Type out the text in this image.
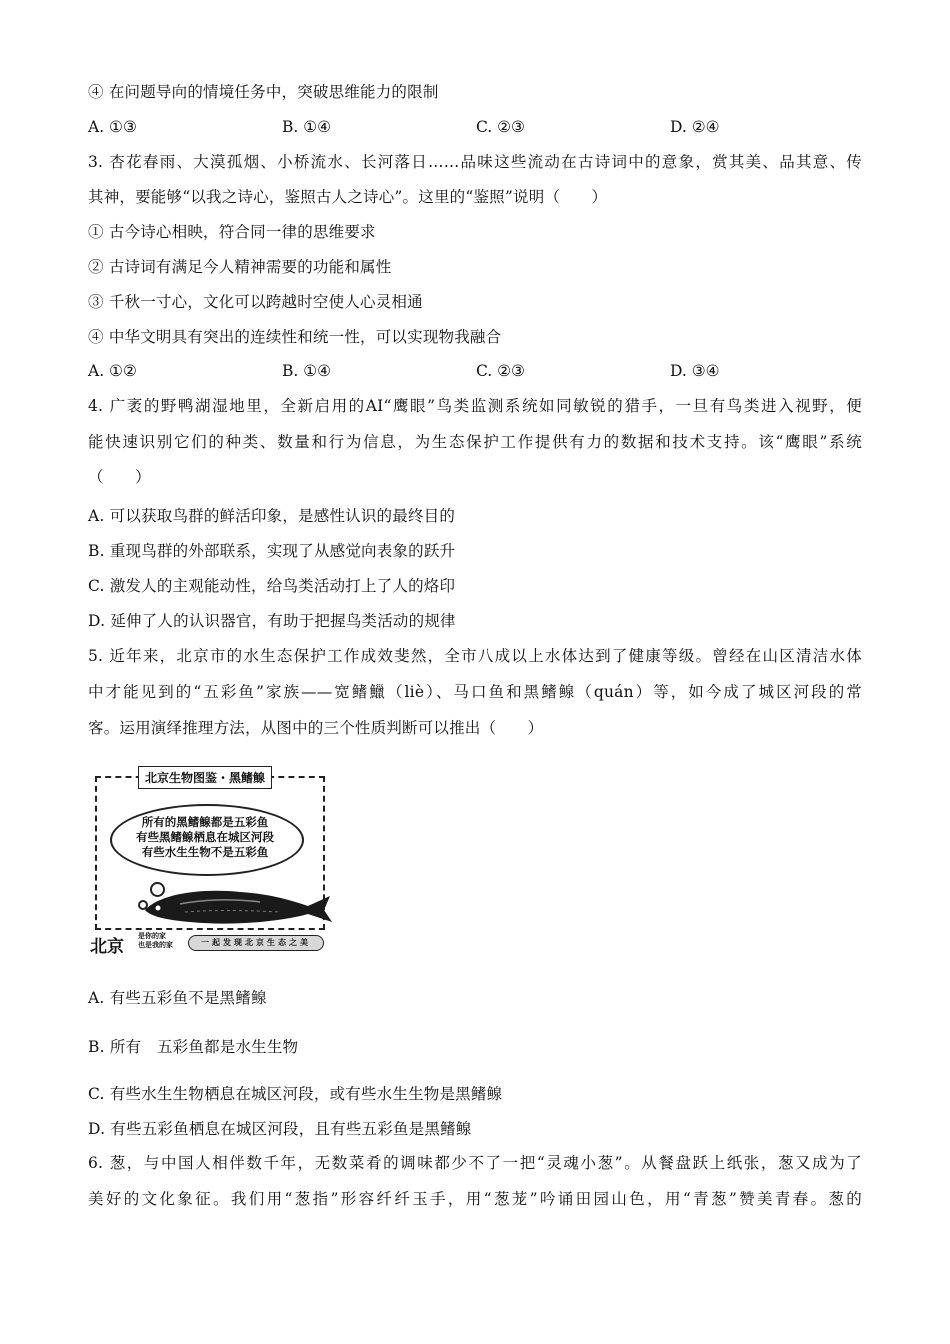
④ 在问题导向的情境任务中，突破思维能力的限制
A. ①③	B. ①④	C. ②③	D. ②④
3. 杏花春雨、大漠孤烟、小桥流水、长河落日……品味这些流动在古诗词中的意象，赏其美、品其意、传
其神，要能够“以我之诗心，鉴照古人之诗心”。这里的“鉴照”说明（　　）
① 古今诗心相映，符合同一律的思维要求
② 古诗词有满足今人精神需要的功能和属性
③ 千秋一寸心，文化可以跨越时空使人心灵相通
④ 中华文明具有突出的连续性和统一性，可以实现物我融合
A. ①②	B. ①④	C. ②③	D. ③④
4. 广袤的野鸭湖湿地里，全新启用的AI“鹰眼”鸟类监测系统如同敏锐的猎手，一旦有鸟类进入视野，便
能快速识别它们的种类、数量和行为信息，为生态保护工作提供有力的数据和技术支持。该“鹰眼”系统
（　　）
A. 可以获取鸟群的鲜活印象，是感性认识的最终目的
B. 重现鸟群的外部联系，实现了从感觉向表象的跃升
C. 激发人的主观能动性，给鸟类活动打上了人的烙印
D. 延伸了人的认识器官，有助于把握鸟类活动的规律
5. 近年来，北京市的水生态保护工作成效斐然，全市八成以上水体达到了健康等级。曾经在山区清洁水体
中才能见到的“五彩鱼”家族——宽鳍鱲（liè）、马口鱼和黑鳍鳈（quán）等，如今成了城区河段的常
客。运用演绎推理方法，从图中的三个性质判断可以推出（　　）
北京生物图鉴・黑鳍鳈
所有的黑鳍鳈都是五彩鱼
有些黑鳍鳈栖息在城区河段
有些水生生物不是五彩鱼
北京
是你的家
也是我的家	一起发现北京生态之美
A. 有些五彩鱼不是黑鳍鳈
B. 所有　五彩鱼都是水生生物
C. 有些水生生物栖息在城区河段，或有些水生生物是黑鳍鳈
D. 有些五彩鱼栖息在城区河段，且有些五彩鱼是黑鳍鳈
6. 葱，与中国人相伴数千年，无数菜肴的调味都少不了一把“灵魂小葱”。从餐盘跃上纸张，葱又成为了
美好的文化象征。我们用“葱指”形容纤纤玉手，用“葱茏”吟诵田园山色，用“青葱”赞美青春。葱的
